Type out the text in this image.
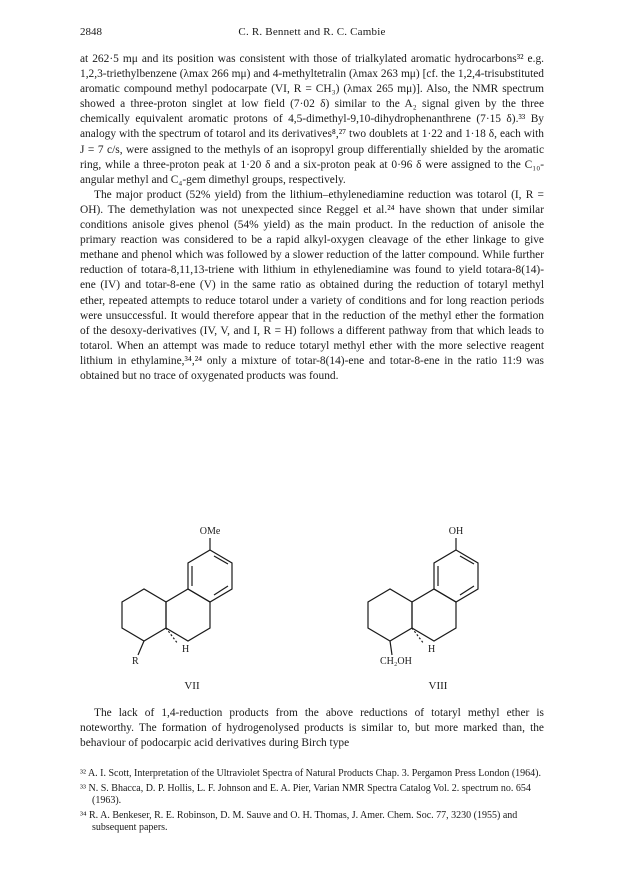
2848	C. R. Bennett and R. C. Cambie

at 262·5 mμ and its position was consistent with those of trialkylated aromatic hydrocarbons³² e.g. 1,2,3-triethylbenzene (λmax 266 mμ) and 4-methyltetralin (λmax 263 mμ) [cf. the 1,2,4-trisubstituted aromatic compound methyl podocarpate (VI, R = CH₃) (λmax 265 mμ)]. Also, the NMR spectrum showed a three-proton singlet at low field (7·02 δ) similar to the A₂ signal given by the three chemically equivalent aromatic protons of 4,5-dimethyl-9,10-dihydrophenanthrene (7·15 δ).³³ By analogy with the spectrum of totarol and its derivatives⁸,²⁷ two doublets at 1·22 and 1·18 δ, each with J = 7 c/s, were assigned to the methyls of an isopropyl group differentially shielded by the aromatic ring, while a three-proton peak at 1·20 δ and a six-proton peak at 0·96 δ were assigned to the C₁₀-angular methyl and C₄-gem dimethyl groups, respectively.

The major product (52% yield) from the lithium–ethylenediamine reduction was totarol (I, R = OH). The demethylation was not unexpected since Reggel et al.²⁴ have shown that under similar conditions anisole gives phenol (54% yield) as the main product. In the reduction of anisole the primary reaction was considered to be a rapid alkyl-oxygen cleavage of the ether linkage to give methane and phenol which was followed by a slower reduction of the latter compound. While further reduction of totara-8,11,13-triene with lithium in ethylenediamine was found to yield totara-8(14)-ene (IV) and totar-8-ene (V) in the same ratio as obtained during the reduction of totaryl methyl ether, repeated attempts to reduce totarol under a variety of conditions and for long reaction periods were unsuccessful. It would therefore appear that in the reduction of the methyl ether the formation of the desoxy-derivatives (IV, V, and I, R = H) follows a different pathway from that which leads to totarol. When an attempt was made to reduce totaryl methyl ether with the more selective reagent lithium in ethylamine,³⁴,²⁴ only a mixture of totar-8(14)-ene and totar-8-ene in the ratio 11:9 was obtained but no trace of oxygenated products was found.

OMe
H
R
OH
H
CH₂OH
VII	VIII

The lack of 1,4-reduction products from the above reductions of totaryl methyl ether is noteworthy. The formation of hydrogenolysed products is similar to, but more marked than, the behaviour of podocarpic acid derivatives during Birch type

³² A. I. Scott, Interpretation of the Ultraviolet Spectra of Natural Products Chap. 3. Pergamon Press London (1964).

³³ N. S. Bhacca, D. P. Hollis, L. F. Johnson and E. A. Pier, Varian NMR Spectra Catalog Vol. 2. spectrum no. 654 (1963).

³⁴ R. A. Benkeser, R. E. Robinson, D. M. Sauve and O. H. Thomas, J. Amer. Chem. Soc. 77, 3230 (1955) and subsequent papers.
